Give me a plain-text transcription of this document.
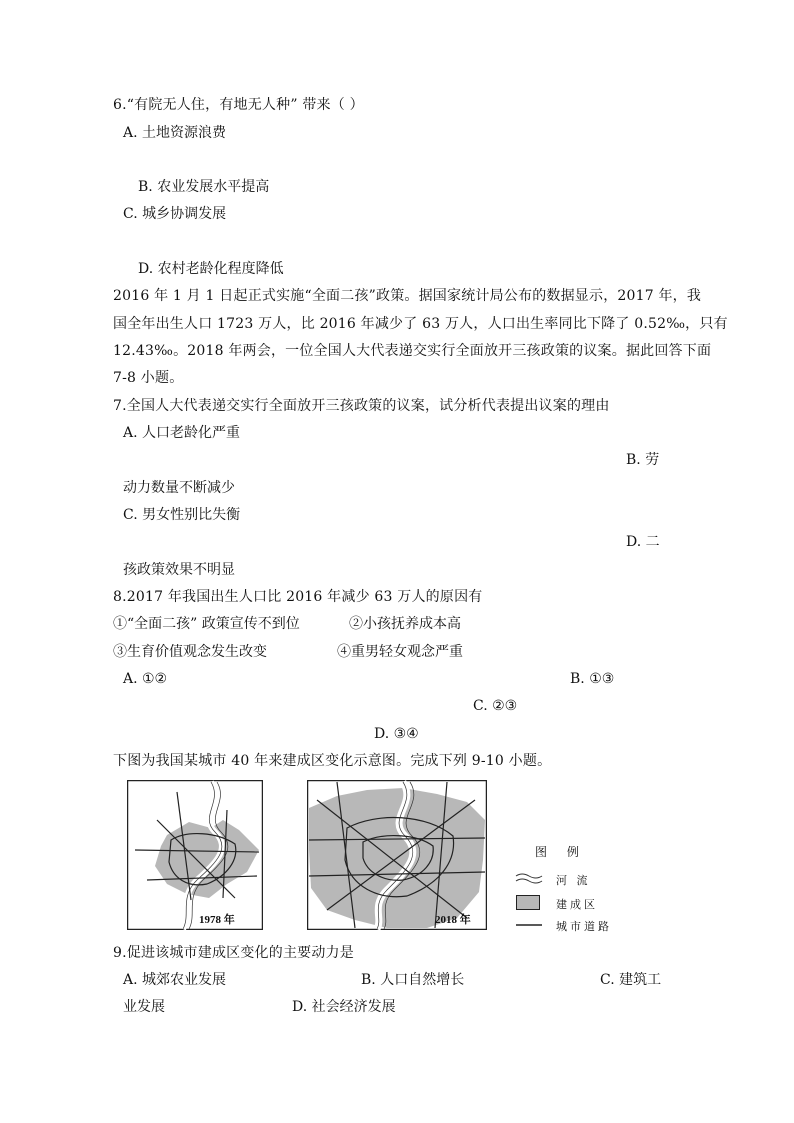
6.“有院无人住，有地无人种” 带来（ ）
A. 土地资源浪费
B. 农业发展水平提高
C. 城乡协调发展
D. 农村老龄化程度降低
2016 年 1 月 1 日起正式实施“全面二孩”政策。据国家统计局公布的数据显示，2017 年，我
国全年出生人口 1723 万人，比 2016 年减少了 63 万人，人口出生率同比下降了 0.52‰，只有
12.43‰。2018 年两会，一位全国人大代表递交实行全面放开三孩政策的议案。据此回答下面
7-8 小题。
7.全国人大代表递交实行全面放开三孩政策的议案，试分析代表提出议案的理由
A. 人口老龄化严重
B. 劳
动力数量不断减少
C. 男女性别比失衡
D. 二
孩政策效果不明显
8.2017 年我国出生人口比 2016 年减少 63 万人的原因有
①“全面二孩” 政策宣传不到位	②小孩抚养成本高
③生育价值观念发生改变	④重男轻女观念严重
A. ①②	B. ①③
C. ②③
D. ③④
下图为我国某城市 40 年来建成区变化示意图。完成下列 9-10 小题。
1978 年	2018 年
图 例
河 流
建成区
城市道路
9.促进该城市建成区变化的主要动力是
A. 城郊农业发展	B. 人口自然增长	C. 建筑工
业发展	D. 社会经济发展
